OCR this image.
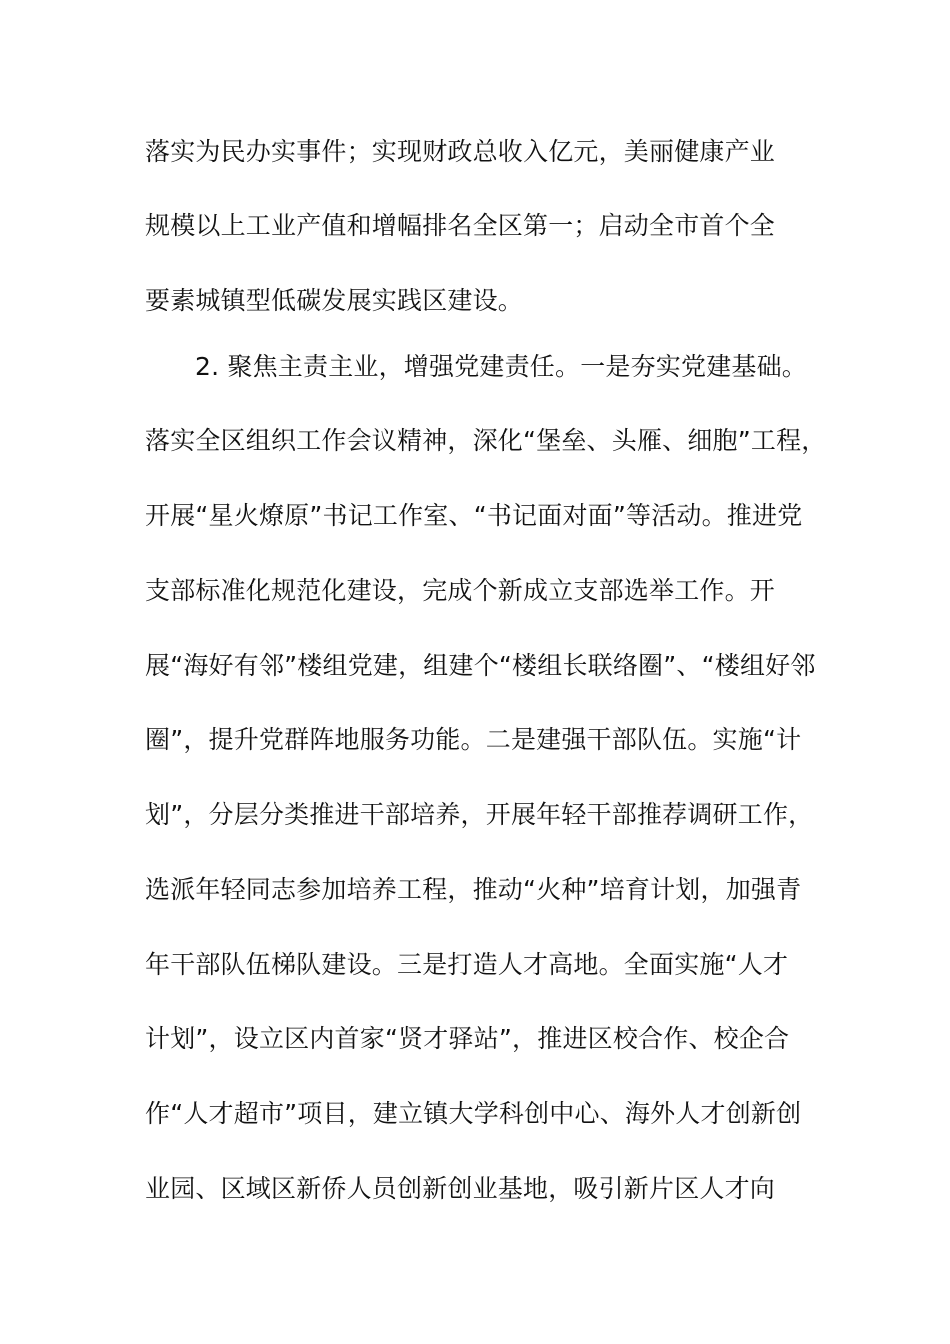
落实为民办实事件；实现财政总收入亿元，美丽健康产业
规模以上工业产值和增幅排名全区第一；启动全市首个全
要素城镇型低碳发展实践区建设。
2. 聚焦主责主业，增强党建责任。一是夯实党建基础。
落实全区组织工作会议精神，深化“堡垒、头雁、细胞”工程，
开展“星火燎原”书记工作室、“书记面对面”等活动。推进党
支部标准化规范化建设，完成个新成立支部选举工作。开
展“海好有邻”楼组党建，组建个“楼组长联络圈”、“楼组好邻
圈”，提升党群阵地服务功能。二是建强干部队伍。实施“计
划”，分层分类推进干部培养，开展年轻干部推荐调研工作，
选派年轻同志参加培养工程，推动“火种”培育计划，加强青
年干部队伍梯队建设。三是打造人才高地。全面实施“人才
计划”，设立区内首家“贤才驿站”，推进区校合作、校企合
作“人才超市”项目，建立镇大学科创中心、海外人才创新创
业园、区域区新侨人员创新创业基地，吸引新片区人才向
